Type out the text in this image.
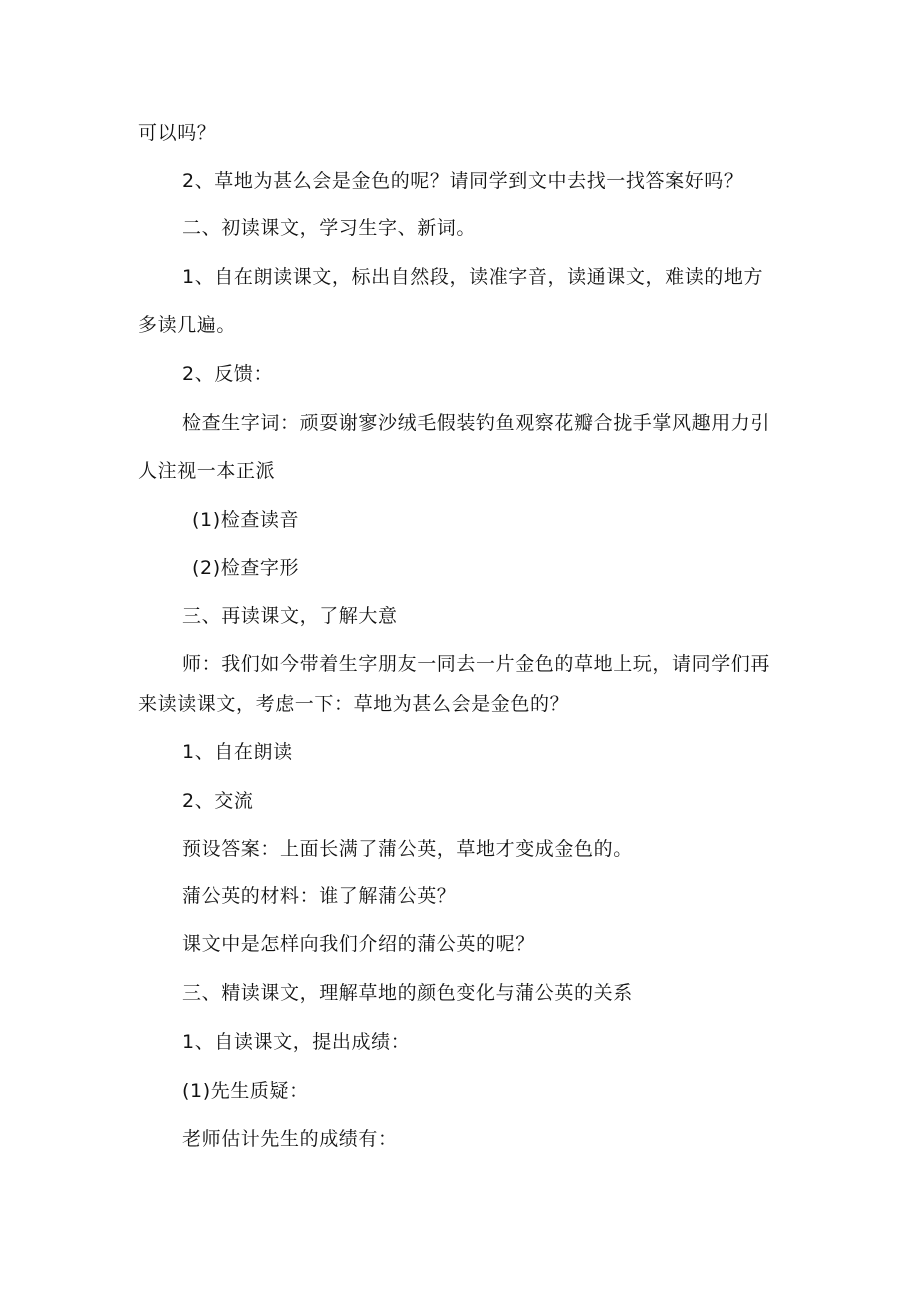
可以吗？
2、草地为甚么会是金色的呢？请同学到文中去找一找答案好吗？
二、初读课文，学习生字、新词。
1、自在朗读课文，标出自然段，读准字音，读通课文，难读的地方
多读几遍。
2、反馈：
检查生字词：顽耍谢寥沙绒毛假装钓鱼观察花瓣合拢手掌风趣用力引
人注视一本正派
(1)检查读音
(2)检查字形
三、再读课文，了解大意
师：我们如今带着生字朋友一同去一片金色的草地上玩，请同学们再
来读读课文，考虑一下：草地为甚么会是金色的？
1、自在朗读
2、交流
预设答案：上面长满了蒲公英，草地才变成金色的。
蒲公英的材料：谁了解蒲公英？
课文中是怎样向我们介绍的蒲公英的呢？
三、精读课文，理解草地的颜色变化与蒲公英的关系
1、自读课文，提出成绩：
(1)先生质疑：
老师估计先生的成绩有：
